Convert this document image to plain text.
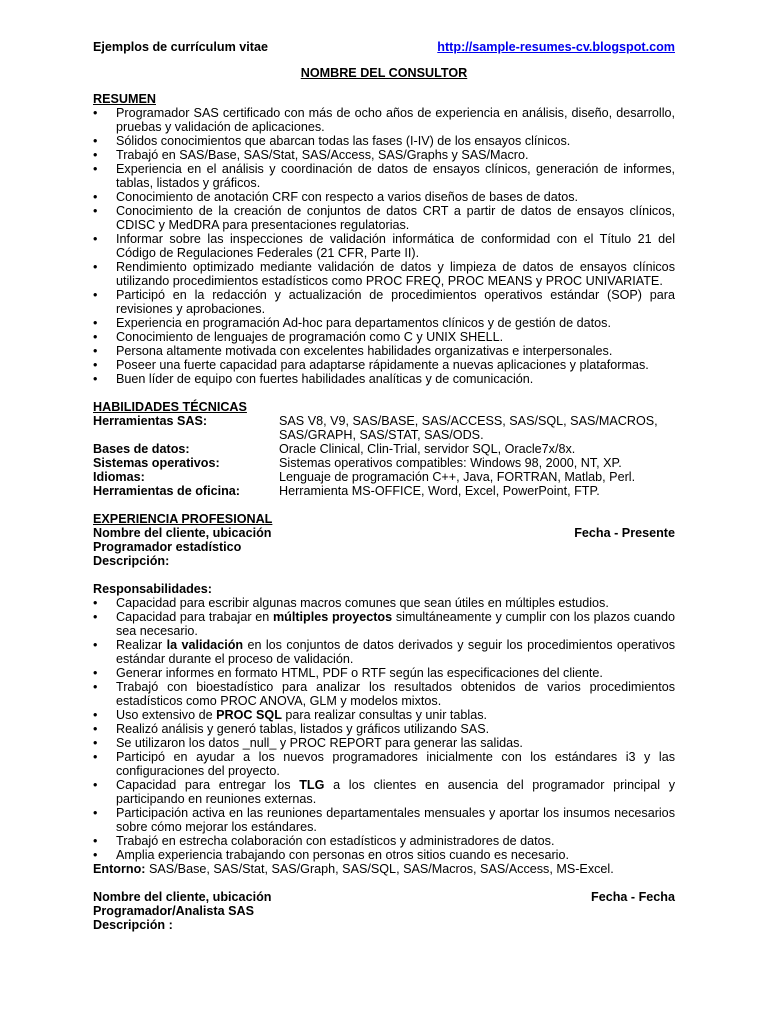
Ejemplos de currículum vitae	http://sample-resumes-cv.blogspot.com
NOMBRE DEL CONSULTOR
RESUMEN
• Programador SAS certificado con más de ocho años de experiencia en análisis, diseño, desarrollo, pruebas y validación de aplicaciones.
• Sólidos conocimientos que abarcan todas las fases (I-IV) de los ensayos clínicos.
• Trabajó en SAS/Base, SAS/Stat, SAS/Access, SAS/Graphs y SAS/Macro.
• Experiencia en el análisis y coordinación de datos de ensayos clínicos, generación de informes, tablas, listados y gráficos.
• Conocimiento de anotación CRF con respecto a varios diseños de bases de datos.
• Conocimiento de la creación de conjuntos de datos CRT a partir de datos de ensayos clínicos, CDISC y MedDRA para presentaciones regulatorias.
• Informar sobre las inspecciones de validación informática de conformidad con el Título 21 del Código de Regulaciones Federales (21 CFR, Parte II).
• Rendimiento optimizado mediante validación de datos y limpieza de datos de ensayos clínicos utilizando procedimientos estadísticos como PROC FREQ, PROC MEANS y PROC UNIVARIATE.
• Participó en la redacción y actualización de procedimientos operativos estándar (SOP) para revisiones y aprobaciones.
• Experiencia en programación Ad-hoc para departamentos clínicos y de gestión de datos.
• Conocimiento de lenguajes de programación como C y UNIX SHELL.
• Persona altamente motivada con excelentes habilidades organizativas e interpersonales.
• Poseer una fuerte capacidad para adaptarse rápidamente a nuevas aplicaciones y plataformas.
• Buen líder de equipo con fuertes habilidades analíticas y de comunicación.
HABILIDADES TÉCNICAS
Herramientas SAS:	SAS V8, V9, SAS/BASE, SAS/ACCESS, SAS/SQL, SAS/MACROS, SAS/GRAPH, SAS/STAT, SAS/ODS.
Bases de datos:	Oracle Clinical, Clin-Trial, servidor SQL, Oracle7x/8x.
Sistemas operativos:	Sistemas operativos compatibles: Windows 98, 2000, NT, XP.
Idiomas:	Lenguaje de programación C++, Java, FORTRAN, Matlab, Perl.
Herramientas de oficina:	Herramienta MS-OFFICE, Word, Excel, PowerPoint, FTP.
EXPERIENCIA PROFESIONAL
Nombre del cliente, ubicación	Fecha - Presente
Programador estadístico
Descripción:
Responsabilidades:
• Capacidad para escribir algunas macros comunes que sean útiles en múltiples estudios.
• Capacidad para trabajar en múltiples proyectos simultáneamente y cumplir con los plazos cuando sea necesario.
• Realizar la validación en los conjuntos de datos derivados y seguir los procedimientos operativos estándar durante el proceso de validación.
• Generar informes en formato HTML, PDF o RTF según las especificaciones del cliente.
• Trabajó con bioestadístico para analizar los resultados obtenidos de varios procedimientos estadísticos como PROC ANOVA, GLM y modelos mixtos.
• Uso extensivo de PROC SQL para realizar consultas y unir tablas.
• Realizó análisis y generó tablas, listados y gráficos utilizando SAS.
• Se utilizaron los datos _null_ y PROC REPORT para generar las salidas.
• Participó en ayudar a los nuevos programadores inicialmente con los estándares i3 y las configuraciones del proyecto.
• Capacidad para entregar los TLG a los clientes en ausencia del programador principal y participando en reuniones externas.
• Participación activa en las reuniones departamentales mensuales y aportar los insumos necesarios sobre cómo mejorar los estándares.
• Trabajó en estrecha colaboración con estadísticos y administradores de datos.
• Amplia experiencia trabajando con personas en otros sitios cuando es necesario.
Entorno: SAS/Base, SAS/Stat, SAS/Graph, SAS/SQL, SAS/Macros, SAS/Access, MS-Excel.
Nombre del cliente, ubicación	Fecha - Fecha
Programador/Analista SAS
Descripción :
